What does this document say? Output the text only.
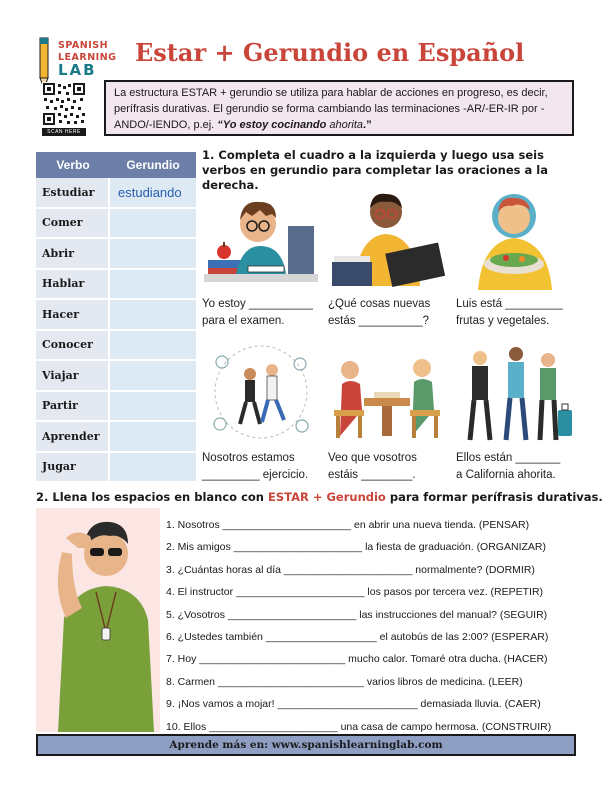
SPANISH
LEARNING
LAB
Estar + Gerundio en Español
SCAN HERE
La estructura ESTAR + gerundio se utiliza para hablar de acciones en progreso, es decir, perífrasis durativas. El gerundio se forma cambiando las terminaciones -AR/-ER-IR por -ANDO/-IENDO, p.ej. “Yo estoy cocinando ahorita.”
Verbo	Gerundio
Estudiar	estudiando
Comer
Abrir
Hablar
Hacer
Conocer
Viajar
Partir
Aprender
Jugar
1. Completa el cuadro a la izquierda y luego usa seis verbos en gerundio para completar las oraciones a la derecha.
Yo estoy __________
para el examen.
¿Qué cosas nuevas
estás __________?
Luis está _________
frutas y vegetales.
Nosotros estamos
_________ ejercicio.
Veo que vosotros
estáis ________.
Ellos están _______
a California ahorita.
2. Llena los espacios en blanco con ESTAR + Gerundio para formar perífrasis durativas.
1. Nosotros ______________________ en abrir una nueva tienda. (PENSAR)
2. Mis amigos ______________________ la fiesta de graduación. (ORGANIZAR)
3. ¿Cuántas horas al día ______________________ normalmente? (DORMIR)
4. El instructor ______________________ los pasos por tercera vez. (REPETIR)
5. ¿Vosotros ______________________ las instrucciones del manual? (SEGUIR)
6. ¿Ustedes también ___________________ el autobús de las 2:00? (ESPERAR)
7. Hoy _________________________ mucho calor. Tomaré otra ducha. (HACER)
8. Carmen _________________________ varios libros de medicina. (LEER)
9. ¡Nos vamos a mojar! ________________________ demasiada lluvia. (CAER)
10. Ellos ______________________ una casa de campo hermosa. (CONSTRUIR)
Aprende más en: www.spanishlearninglab.com
